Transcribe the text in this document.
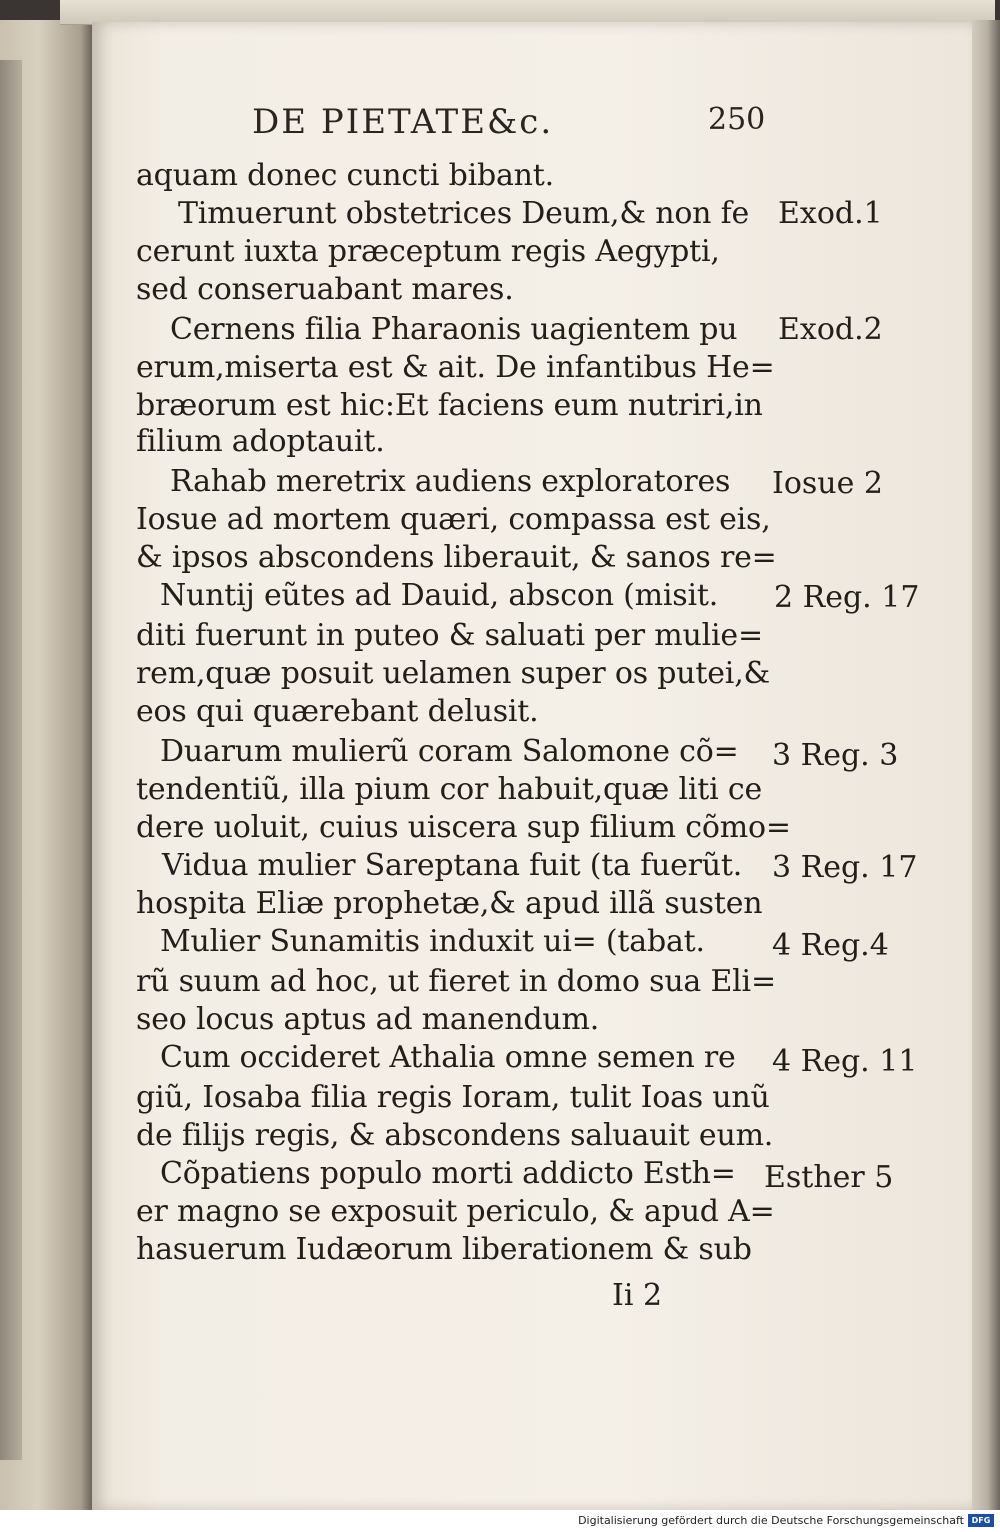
DE PIETATE&c.	250
aquam donec cuncti bibant.
Timuerunt obstetrices Deum,& non fe
cerunt iuxta præceptum regis Aegypti,
sed conseruabant mares.
Cernens filia Pharaonis uagientem pu
erum,miserta est & ait. De infantibus He=
bræorum est hic:Et faciens eum nutriri,in
filium adoptauit.
Rahab meretrix audiens exploratores
Iosue ad mortem quæri, compassa est eis,
& ipsos abscondens liberauit, & sanos re=
Nuntij eũtes ad Dauid, abscon (misit.
diti fuerunt in puteo & saluati per mulie=
rem,quæ posuit uelamen super os putei,&
eos qui quærebant delusit.
Duarum mulierũ coram Salomone cõ=
tendentiũ, illa pium cor habuit,quæ liti ce
dere uoluit, cuius uiscera sup filium cõmo=
Vidua mulier Sareptana fuit (ta fuerũt.
hospita Eliæ prophetæ,& apud illã susten
Mulier Sunamitis induxit ui= (tabat.
rũ suum ad hoc, ut fieret in domo sua Eli=
seo locus aptus ad manendum.
Cum occideret Athalia omne semen re
giũ, Iosaba filia regis Ioram, tulit Ioas unũ
de filijs regis, & abscondens saluauit eum.
Cõpatiens populo morti addicto Esth=
er magno se exposuit periculo, & apud A=
hasuerum Iudæorum liberationem & sub
Exod.1
Exod.2
Iosue 2
2 Reg. 17
3 Reg. 3
3 Reg. 17
4 Reg.4
4 Reg. 11
Esther 5
Ii 2
Digitalisierung gefördert durch die Deutsche Forschungsgemeinschaft DFG
